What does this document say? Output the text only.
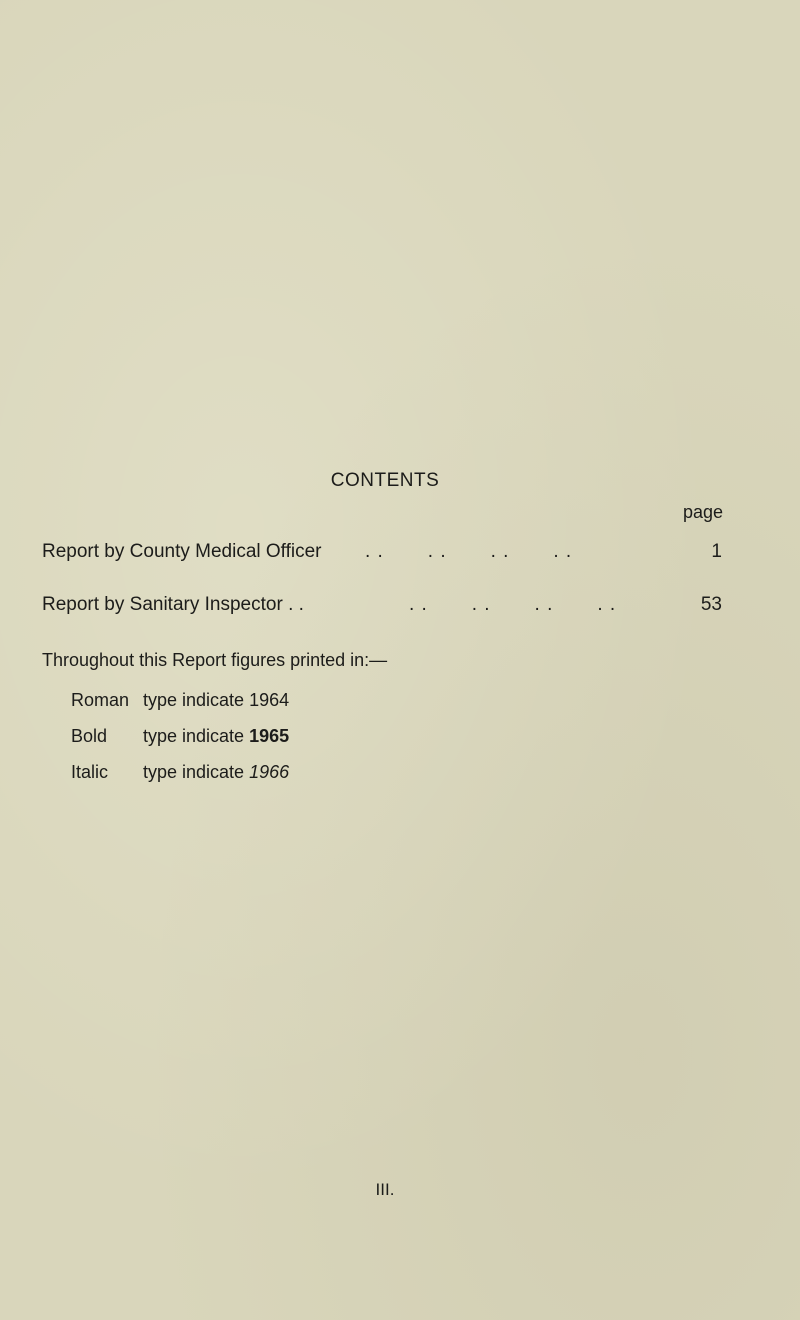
CONTENTS
page
Report by County Medical Officer . .       . .       . .       . .	1
Report by Sanitary Inspector . .	. .       . .       . .       . .	53
Throughout this Report figures printed in:—
Roman type indicate 1964
Bold type indicate 1965
Italic type indicate 1966
III.
